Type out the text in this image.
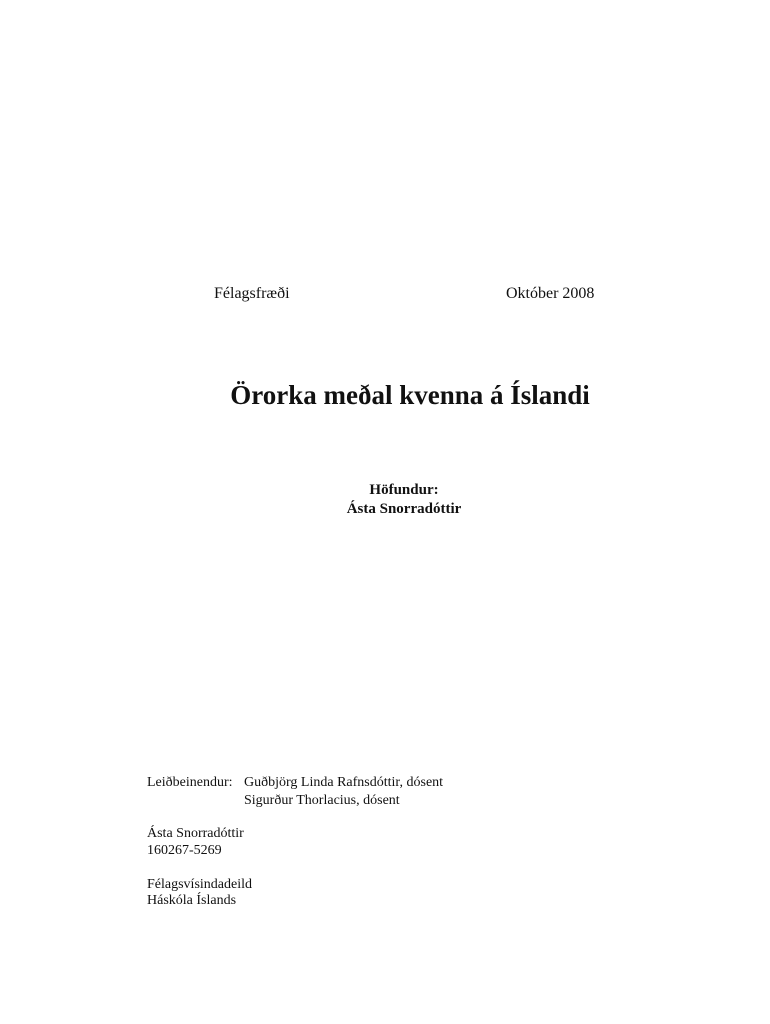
Félagsfræði	Október 2008
Örorka meðal kvenna á Íslandi
Höfundur:
Ásta Snorradóttir
Leiðbeinendur: Guðbjörg Linda Rafnsdóttir, dósent
Sigurður Thorlacius, dósent
Ásta Snorradóttir
160267-5269
Félagsvísindadeild
Háskóla Íslands
